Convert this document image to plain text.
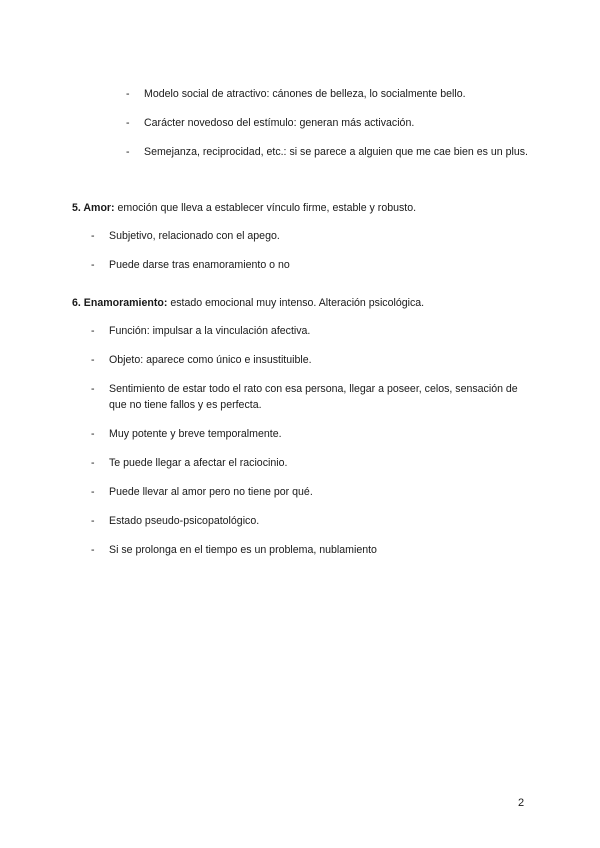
- Modelo social de atractivo: cánones de belleza, lo socialmente bello.
- Carácter novedoso del estímulo: generan más activación.
- Semejanza, reciprocidad, etc.: si se parece a alguien que me cae bien es un plus.

5. Amor: emoción que lleva a establecer vínculo firme, estable y robusto.

- Subjetivo, relacionado con el apego.
- Puede darse tras enamoramiento o no

6. Enamoramiento: estado emocional muy intenso. Alteración psicológica.

- Función: impulsar a la vinculación afectiva.
- Objeto: aparece como único e insustituible.
- Sentimiento de estar todo el rato con esa persona, llegar a poseer, celos, sensación de que no tiene fallos y es perfecta.
- Muy potente y breve temporalmente.
- Te puede llegar a afectar el raciocinio.
- Puede llevar al amor pero no tiene por qué.
- Estado pseudo-psicopatológico.
- Si se prolonga en el tiempo es un problema, nublamiento
2
